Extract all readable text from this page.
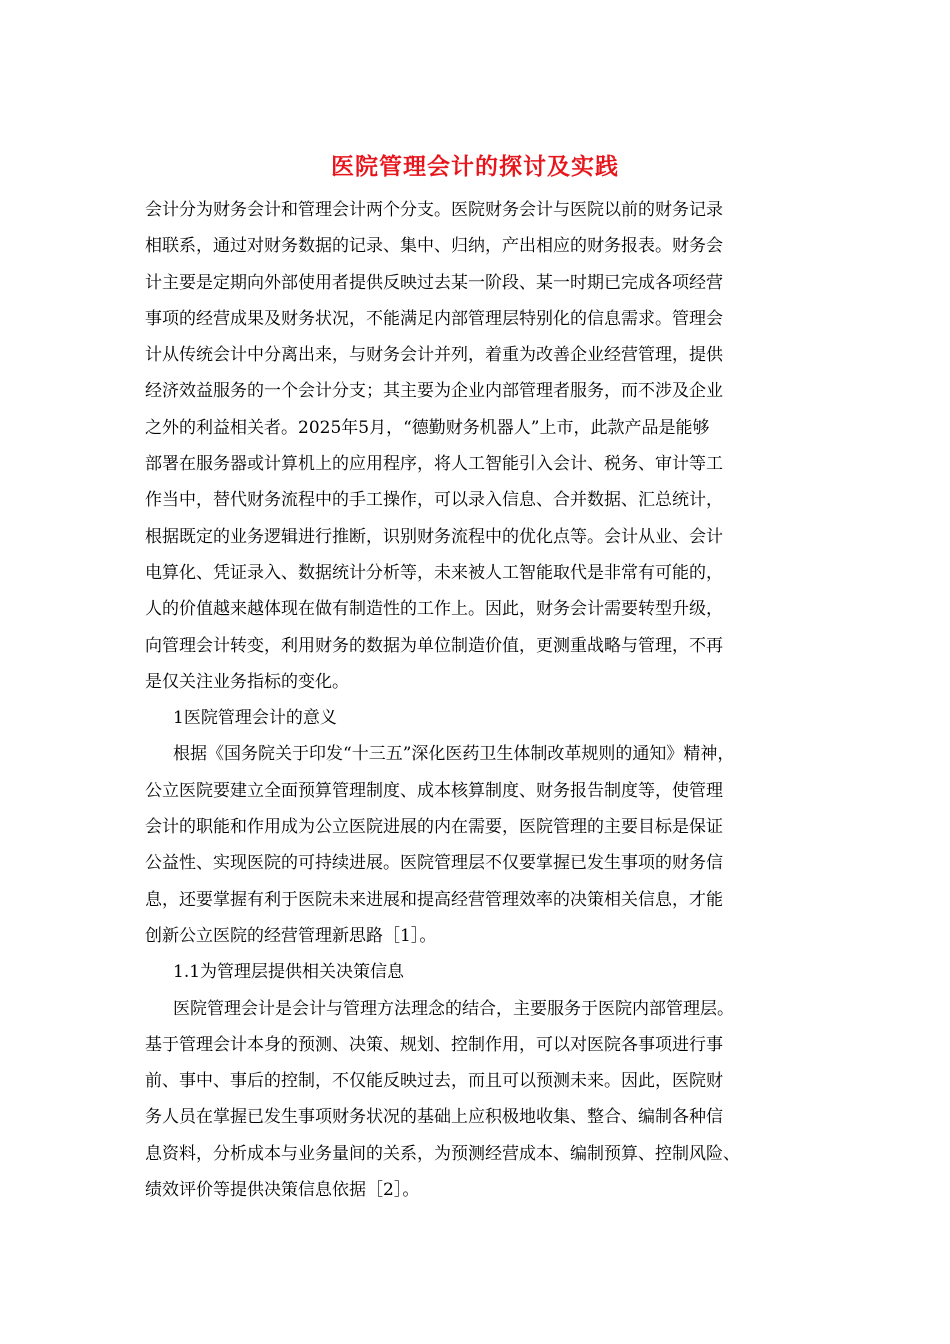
医院管理会计的探讨及实践
会计分为财务会计和管理会计两个分支。医院财务会计与医院以前的财务记录
相联系，通过对财务数据的记录、集中、归纳，产出相应的财务报表。财务会
计主要是定期向外部使用者提供反映过去某一阶段、某一时期已完成各项经营
事项的经营成果及财务状况，不能满足内部管理层特别化的信息需求。管理会
计从传统会计中分离出来，与财务会计并列，着重为改善企业经营管理，提供
经济效益服务的一个会计分支；其主要为企业内部管理者服务，而不涉及企业
之外的利益相关者。2025年5月，“德勤财务机器人”上市，此款产品是能够
部署在服务器或计算机上的应用程序，将人工智能引入会计、税务、审计等工
作当中，替代财务流程中的手工操作，可以录入信息、合并数据、汇总统计，
根据既定的业务逻辑进行推断，识别财务流程中的优化点等。会计从业、会计
电算化、凭证录入、数据统计分析等，未来被人工智能取代是非常有可能的，
人的价值越来越体现在做有制造性的工作上。因此，财务会计需要转型升级，
向管理会计转变，利用财务的数据为单位制造价值，更测重战略与管理，不再
是仅关注业务指标的变化。
1医院管理会计的意义
根据《国务院关于印发“十三五”深化医药卫生体制改革规则的通知》精神，
公立医院要建立全面预算管理制度、成本核算制度、财务报告制度等，使管理
会计的职能和作用成为公立医院进展的内在需要，医院管理的主要目标是保证
公益性、实现医院的可持续进展。医院管理层不仅要掌握已发生事项的财务信
息，还要掌握有利于医院未来进展和提高经营管理效率的决策相关信息，才能
创新公立医院的经营管理新思路［1］。
1.1为管理层提供相关决策信息
医院管理会计是会计与管理方法理念的结合，主要服务于医院内部管理层。
基于管理会计本身的预测、决策、规划、控制作用，可以对医院各事项进行事
前、事中、事后的控制，不仅能反映过去，而且可以预测未来。因此，医院财
务人员在掌握已发生事项财务状况的基础上应积极地收集、整合、编制各种信
息资料，分析成本与业务量间的关系，为预测经营成本、编制预算、控制风险、
绩效评价等提供决策信息依据［2］。
